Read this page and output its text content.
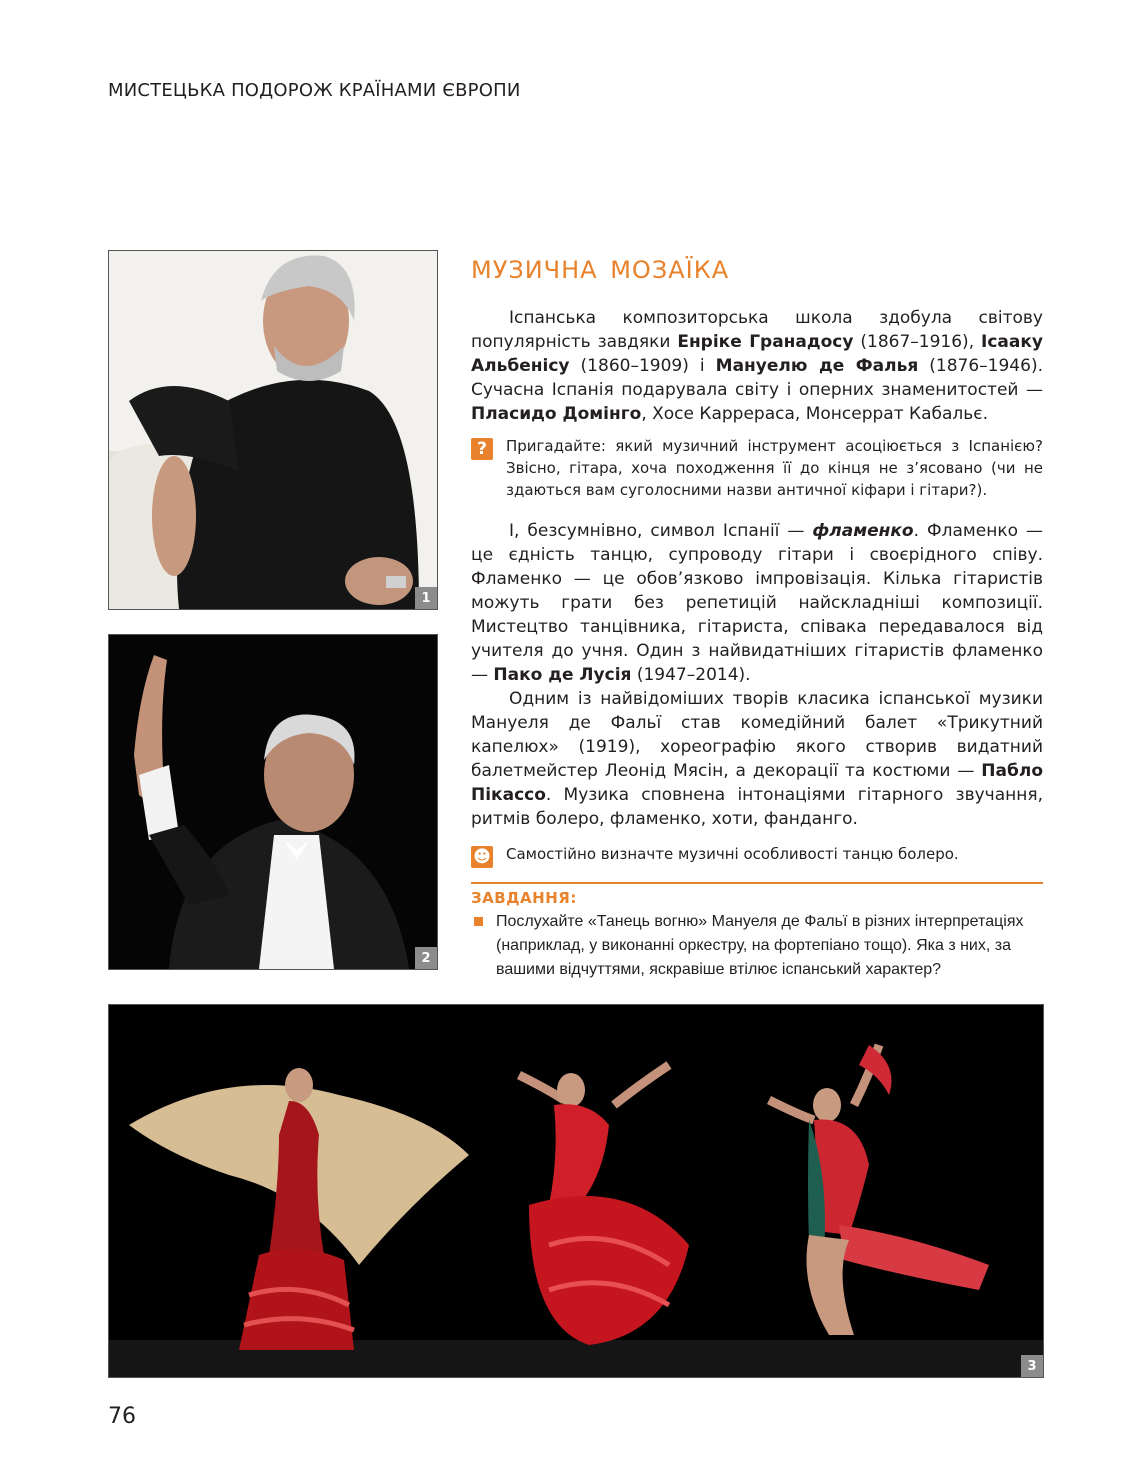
МИСТЕЦЬКА ПОДОРОЖ КРАЇНАМИ ЄВРОПИ
1
2
МУЗИЧНА МОЗАЇКА

Іспанська композиторська школа здобула світову популярність завдяки Енріке Гранадосу (1867–1916), Ісааку Альбенісу (1860–1909) і Мануелю де Фалья (1876–1946). Сучасна Іспанія подарувала світу і оперних знаменитостей — Пласидо Домінго, Хосе Каррераса, Монсеррат Кабальє.

?	Пригадайте: який музичний інструмент асоціюється з Іспанією? Звісно, гітара, хоча походження її до кінця не з’ясовано (чи не здаються вам суголосними назви античної кіфари і гітари?).

І, безсумнівно, символ Іспанії — фламенко. Фламенко — це єдність танцю, супроводу гітари і своєрідного співу. Фламенко — це обов’язково імпровізація. Кілька гітаристів можуть грати без репетицій найскладніші композиції. Мистецтво танцівника, гітариста, співака передавалося від учителя до учня. Один з найвидатніших гітаристів фламенко — Пако де Лусія (1947–2014).

Одним із найвідоміших творів класика іспанської музики Мануеля де Фальї став комедійний балет «Трикутний капелюх» (1919), хореографію якого створив видатний балетмейстер Леонід Мясін, а декорації та костюми — Пабло Пікассо. Музика сповнена інтонаціями гітарного звучання, ритмів болеро, фламенко, хоти, фанданго.

☻ Самостійно визначте музичні особливості танцю болеро.

ЗАВДАННЯ:

Послухайте «Танець вогню» Мануеля де Фальї в різних інтерпретаціях (наприклад, у виконанні оркестру, на фортепіано тощо). Яка з них, за вашими відчуттями, яскравіше втілює іспанський характер?

3
76
